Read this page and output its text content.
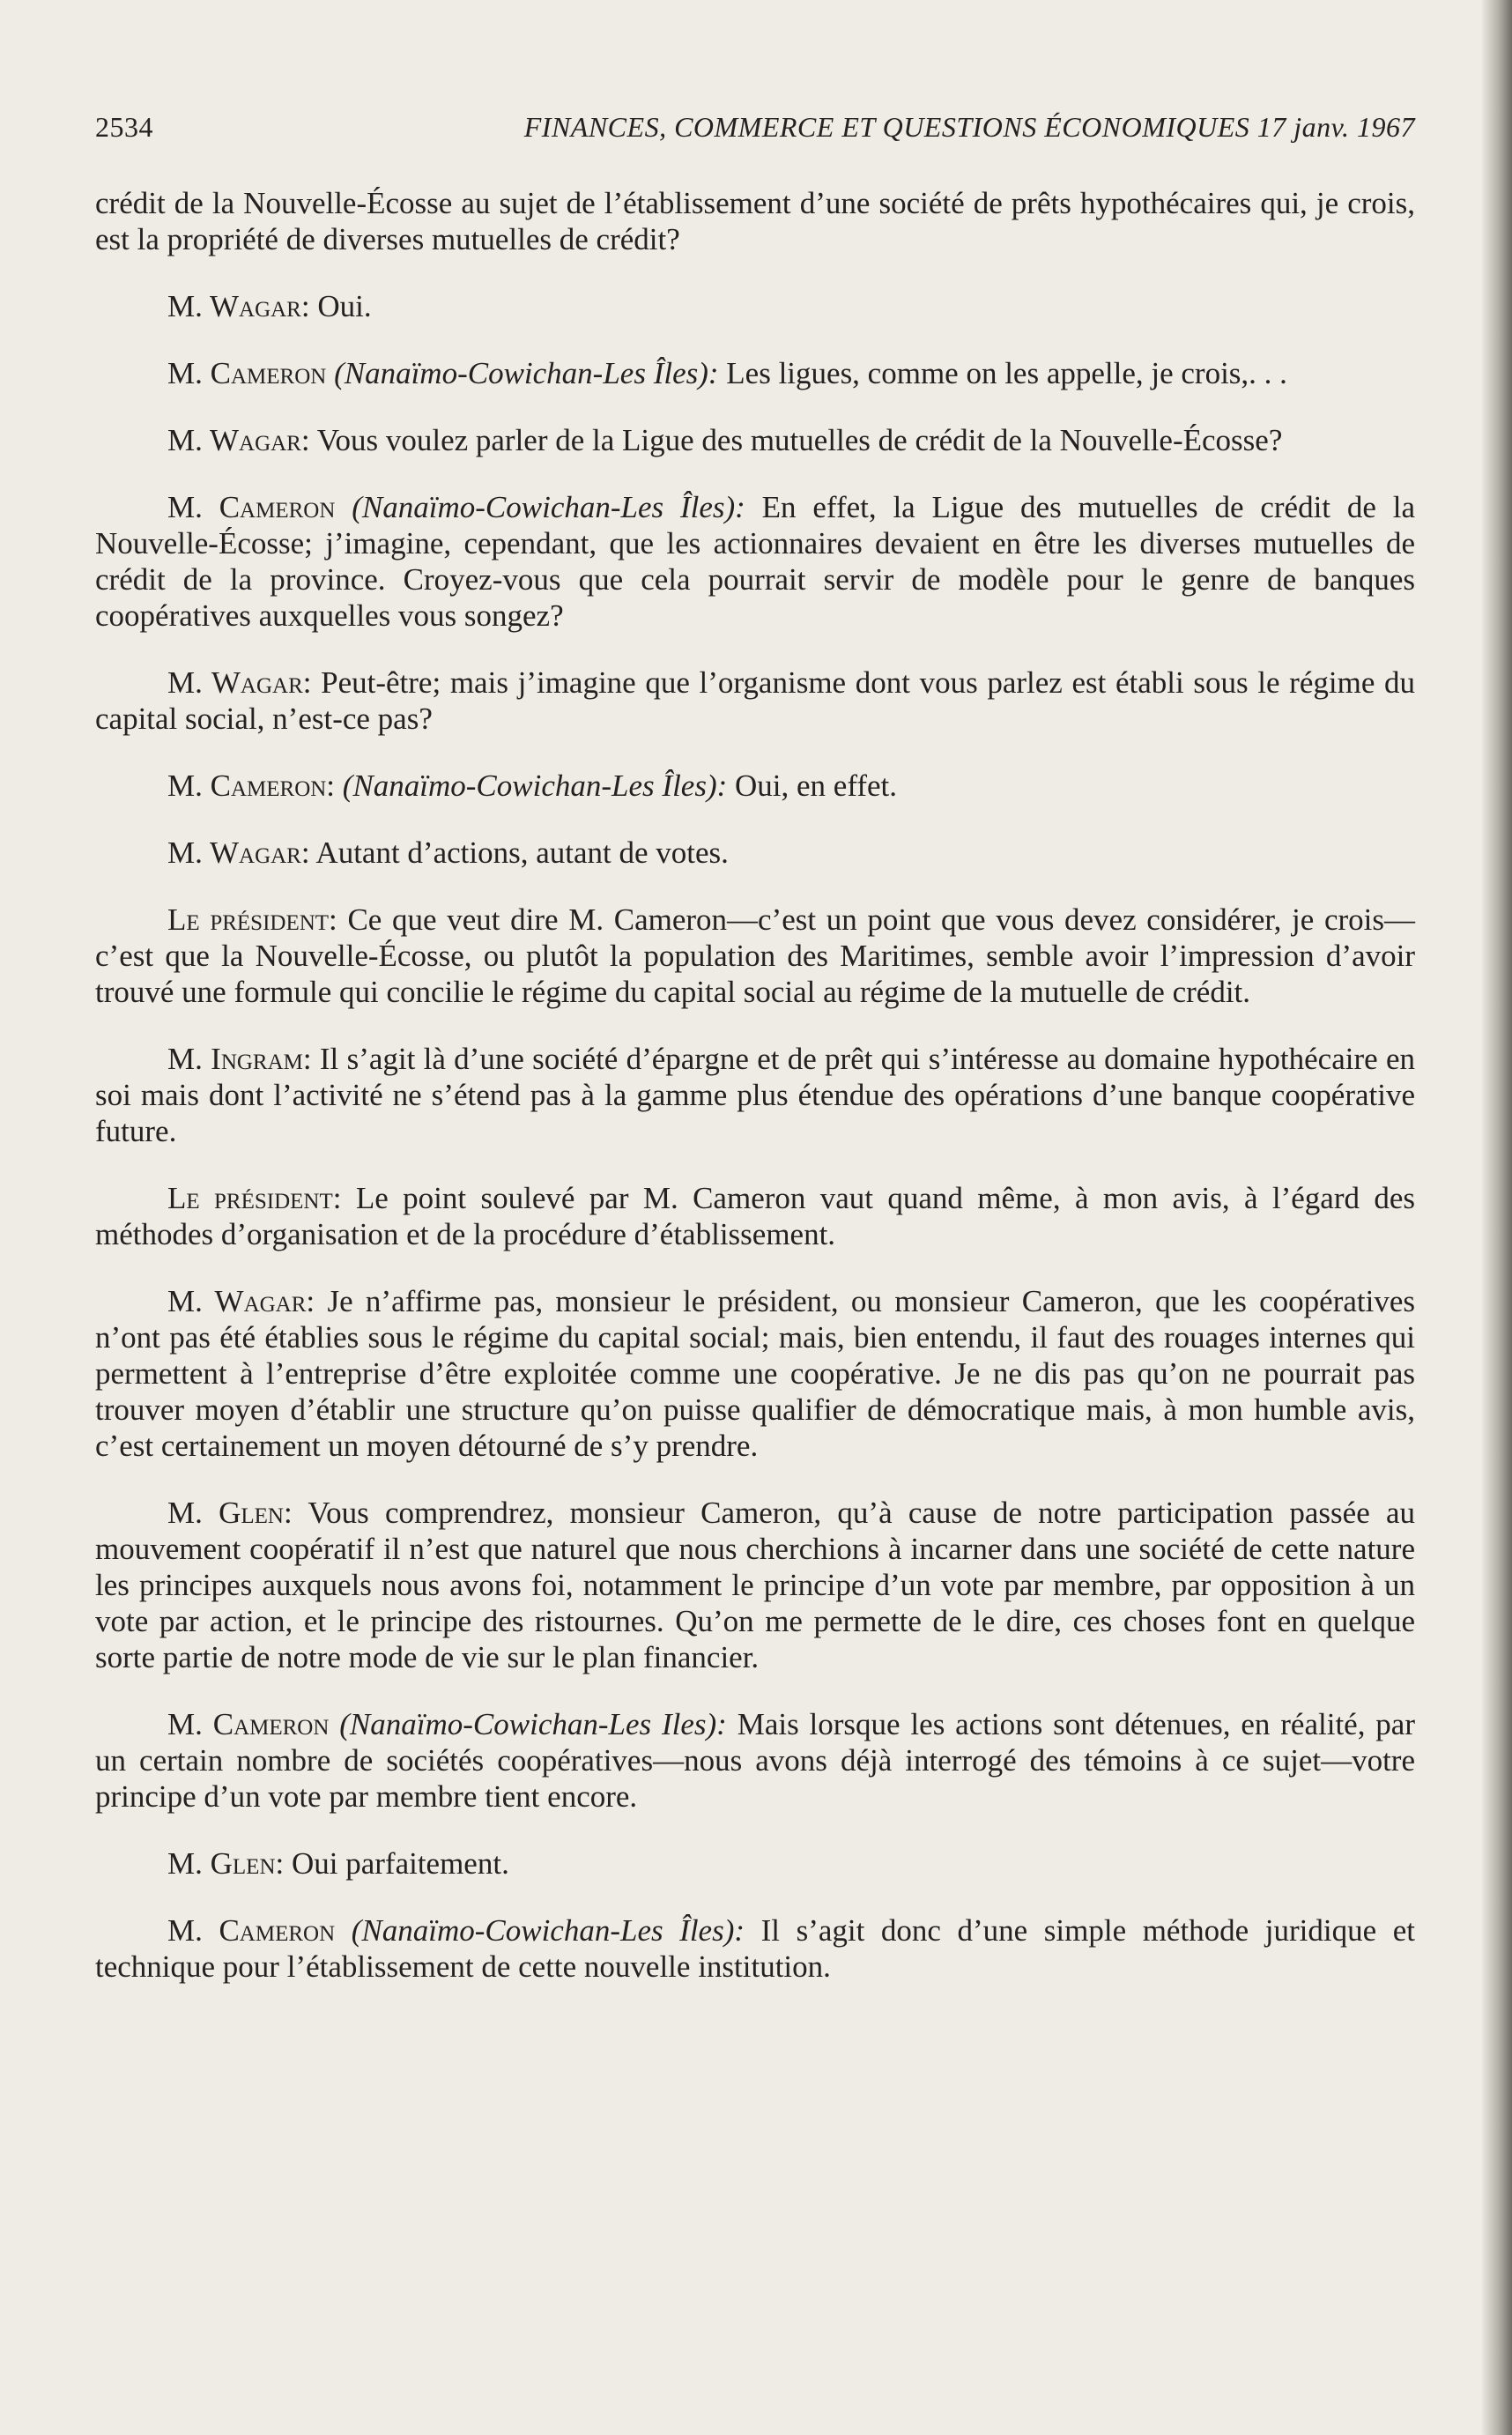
2534	FINANCES, COMMERCE ET QUESTIONS ÉCONOMIQUES 17 janv. 1967

crédit de la Nouvelle-Écosse au sujet de l’établissement d’une société de prêts hypothécaires qui, je crois, est la propriété de diverses mutuelles de crédit?

M. Wagar: Oui.

M. Cameron (Nanaïmo-Cowichan-Les Îles): Les ligues, comme on les appelle, je crois,. . .

M. Wagar: Vous voulez parler de la Ligue des mutuelles de crédit de la Nouvelle-Écosse?

M. Cameron (Nanaïmo-Cowichan-Les Îles): En effet, la Ligue des mutuelles de crédit de la Nouvelle-Écosse; j’imagine, cependant, que les actionnaires devaient en être les diverses mutuelles de crédit de la province. Croyez-vous que cela pourrait servir de modèle pour le genre de banques coopératives auxquelles vous songez?

M. Wagar: Peut-être; mais j’imagine que l’organisme dont vous parlez est établi sous le régime du capital social, n’est-ce pas?

M. Cameron: (Nanaïmo-Cowichan-Les Îles): Oui, en effet.

M. Wagar: Autant d’actions, autant de votes.

Le président: Ce que veut dire M. Cameron—c’est un point que vous devez considérer, je crois—c’est que la Nouvelle-Écosse, ou plutôt la population des Maritimes, semble avoir l’impression d’avoir trouvé une formule qui concilie le régime du capital social au régime de la mutuelle de crédit.

M. Ingram: Il s’agit là d’une société d’épargne et de prêt qui s’intéresse au domaine hypothécaire en soi mais dont l’activité ne s’étend pas à la gamme plus étendue des opérations d’une banque coopérative future.

Le président: Le point soulevé par M. Cameron vaut quand même, à mon avis, à l’égard des méthodes d’organisation et de la procédure d’établissement.

M. Wagar: Je n’affirme pas, monsieur le président, ou monsieur Cameron, que les coopératives n’ont pas été établies sous le régime du capital social; mais, bien entendu, il faut des rouages internes qui permettent à l’entreprise d’être exploitée comme une coopérative. Je ne dis pas qu’on ne pourrait pas trouver moyen d’établir une structure qu’on puisse qualifier de démocratique mais, à mon humble avis, c’est certainement un moyen détourné de s’y prendre.

M. Glen: Vous comprendrez, monsieur Cameron, qu’à cause de notre participation passée au mouvement coopératif il n’est que naturel que nous cherchions à incarner dans une société de cette nature les principes auxquels nous avons foi, notamment le principe d’un vote par membre, par opposition à un vote par action, et le principe des ristournes. Qu’on me permette de le dire, ces choses font en quelque sorte partie de notre mode de vie sur le plan financier.

M. Cameron (Nanaïmo-Cowichan-Les Iles): Mais lorsque les actions sont détenues, en réalité, par un certain nombre de sociétés coopératives—nous avons déjà interrogé des témoins à ce sujet—votre principe d’un vote par membre tient encore.

M. Glen: Oui parfaitement.

M. Cameron (Nanaïmo-Cowichan-Les Îles): Il s’agit donc d’une simple méthode juridique et technique pour l’établissement de cette nouvelle institution.
